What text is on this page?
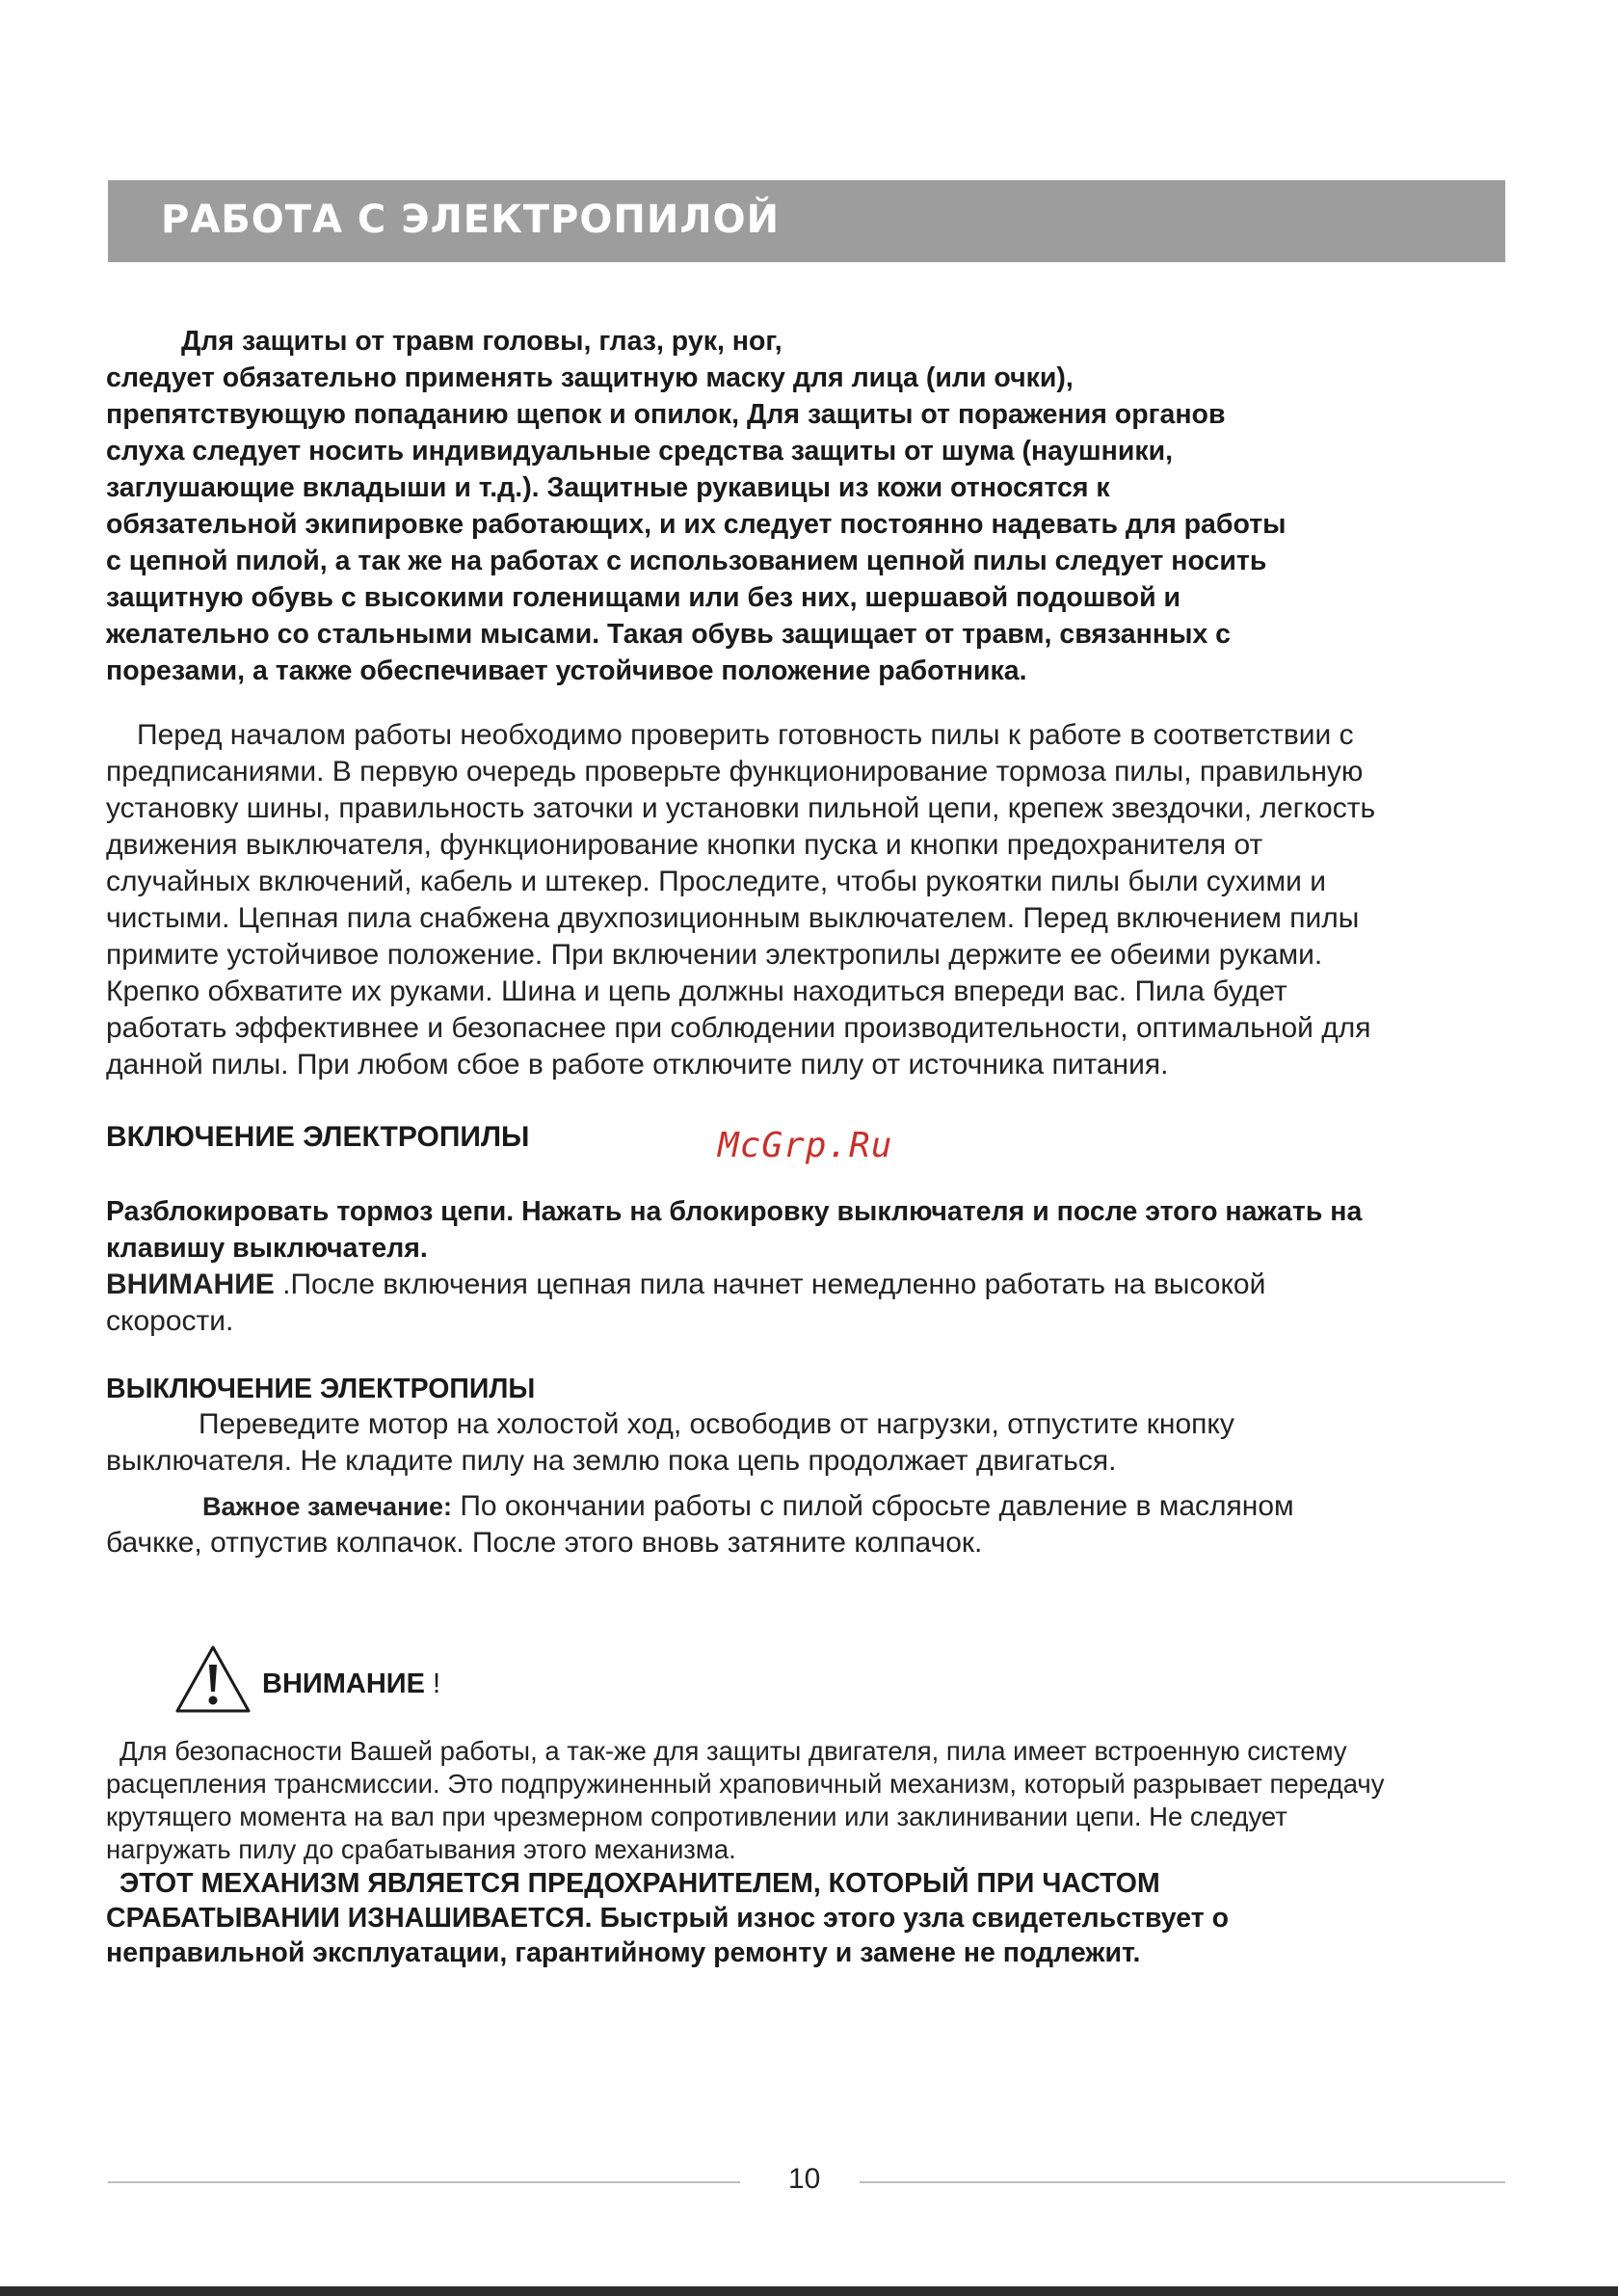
РАБОТА С ЭЛЕКТРОПИЛОЙ

Для защиты от травм головы, глаз, рук, ног,

следует обязательно применять защитную маску для лица (или очки),

препятствующую попаданию щепок и опилок, Для защиты от поражения органов

слуха следует носить индивидуальные средства защиты от шума (наушники,

заглушающие вкладыши и т.д.). Защитные рукавицы из кожи относятся к

обязательной экипировке работающих, и их следует постоянно надевать для работы

с цепной пилой, а так же на работах с использованием цепной пилы следует носить

защитную обувь с высокими голенищами или без них, шершавой подошвой и

желательно со стальными мысами. Такая обувь защищает от травм, связанных с

порезами, а также обеспечивает устойчивое положение работника.

Перед началом работы необходимо проверить готовность пилы к работе в соответствии с

предписаниями. В первую очередь проверьте функционирование тормоза пилы, правильную

установку шины, правильность заточки и установки пильной цепи, крепеж звездочки, легкость

движения выключателя, функционирование кнопки пуска и кнопки предохранителя от

случайных включений, кабель и штекер. Проследите, чтобы рукоятки пилы были сухими и

чистыми. Цепная пила снабжена двухпозиционным выключателем. Перед включением пилы

примите устойчивое положение. При включении электропилы держите ее обеими руками.

Крепко обхватите их руками. Шина и цепь должны находиться впереди вас. Пила будет

работать эффективнее и безопаснее при соблюдении производительности, оптимальной для

данной пилы. При любом сбое в работе отключите пилу от источника питания.

ВКЛЮЧЕНИЕ ЭЛЕКТРОПИЛЫ	McGrp.Ru

Разблокировать тормоз цепи. Нажать на блокировку выключателя и после этого нажать на

клавишу выключателя.

ВНИМАНИЕ .После включения цепная пила начнет немедленно работать на высокой

скорости.

ВЫКЛЮЧЕНИЕ ЭЛЕКТРОПИЛЫ

Переведите мотор на холостой ход, освободив от нагрузки, отпустите кнопку

выключателя. Не кладите пилу на землю пока цепь продолжает двигаться.

Важное замечание: По окончании работы с пилой сбросьте давление в масляном

бачкке, отпустив колпачок. После этого вновь затяните колпачок.

ВНИМАНИЕ !

Для безопасности Вашей работы, а так-же для защиты двигателя, пила имеет встроенную систему

расцепления трансмиссии. Это подпружиненный храповичный механизм, который разрывает передачу

крутящего момента на вал при чрезмерном сопротивлении или заклинивании цепи. Не следует

нагружать пилу до срабатывания этого механизма.

ЭТОТ МЕХАНИЗМ ЯВЛЯЕТСЯ ПРЕДОХРАНИТЕЛЕМ, КОТОРЫЙ ПРИ ЧАСТОМ

СРАБАТЫВАНИИ ИЗНАШИВАЕТСЯ. Быстрый износ этого узла свидетельствует о

неправильной эксплуатации, гарантийному ремонту и замене не подлежит.

10
